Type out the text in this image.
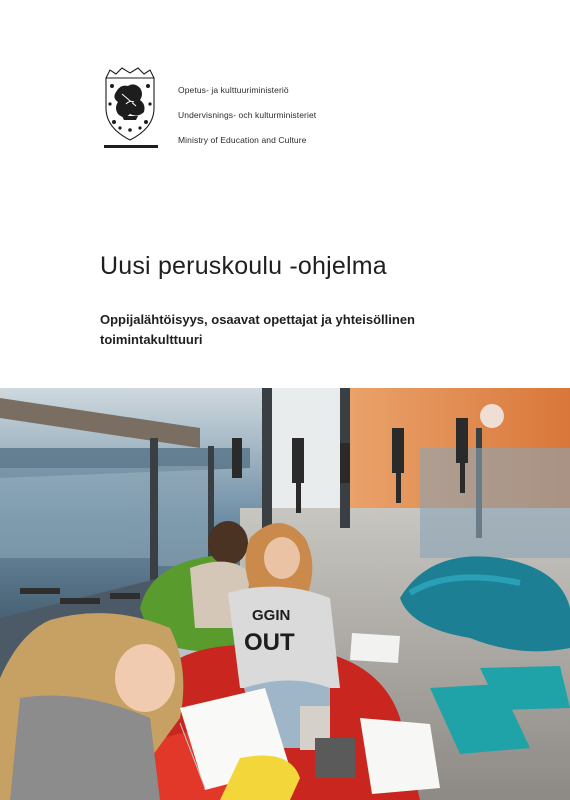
Opetus- ja kulttuuriministeriö
Undervisnings- och kulturministeriet
Ministry of Education and Culture
Uusi peruskoulu -ohjelma

Oppijalähtöisyys, osaavat opettajat ja yhteisöllinen toimintakulttuuri

GGIN
OUT
